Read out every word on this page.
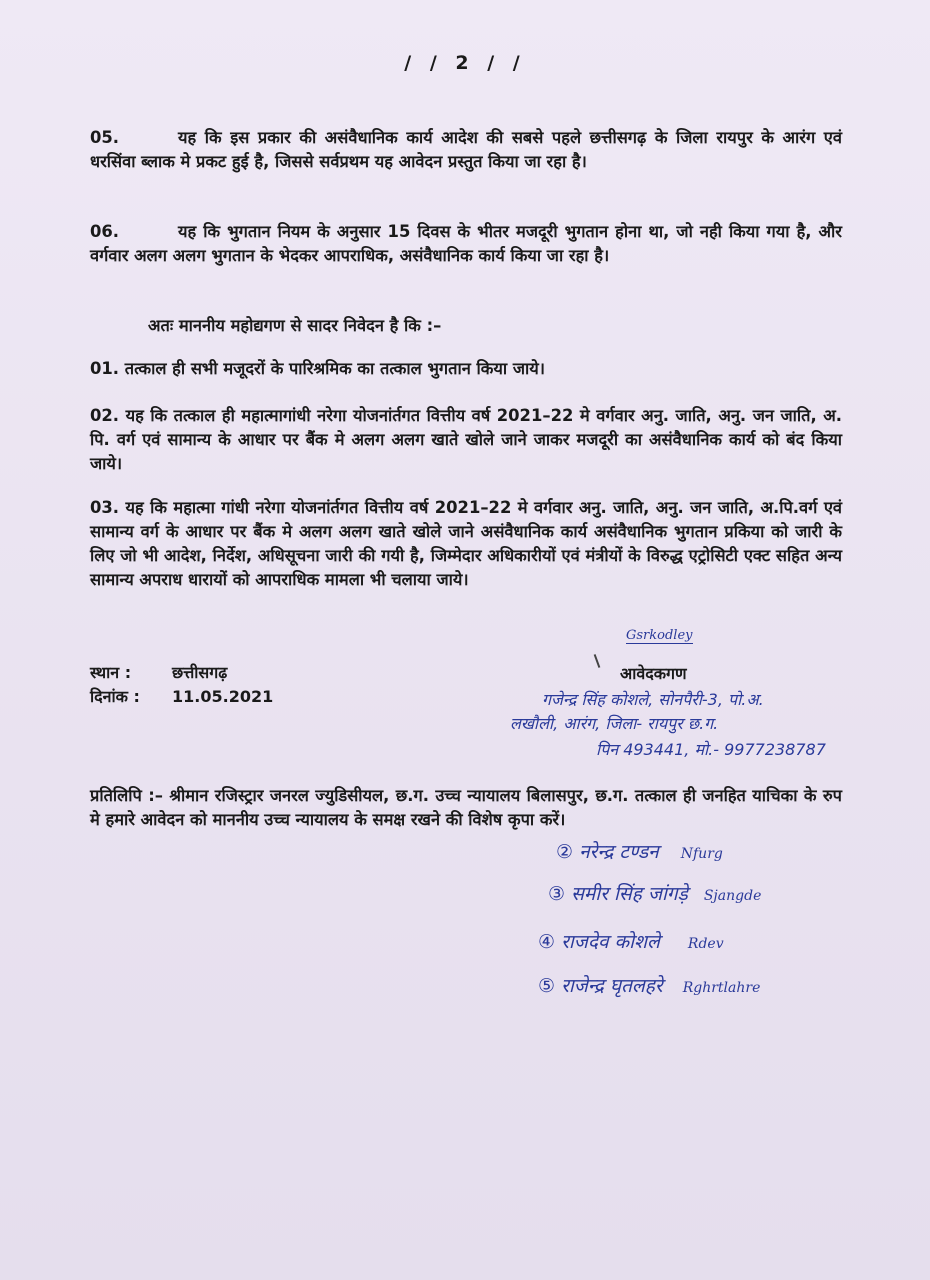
/ / 2 / /
05.	यह कि इस प्रकार की असंवैधानिक कार्य आदेश की सबसे पहले छत्तीसगढ़ के जिला रायपुर के आरंग एवं धरसिंवा ब्लाक मे प्रकट हुई है, जिससे सर्वप्रथम यह आवेदन प्रस्तुत किया जा रहा है।
06.	यह कि भुगतान नियम के अनुसार 15 दिवस के भीतर मजदूरी भुगतान होना था, जो नही किया गया है, और वर्गवार अलग अलग भुगतान के भेदकर आपराधिक, असंवैधानिक कार्य किया जा रहा है।
अतः माननीय महोद्यगण से सादर निवेदन है कि :–
01. तत्काल ही सभी मजूदरों के पारिश्रमिक का तत्काल भुगतान किया जाये।
02. यह कि तत्काल ही महात्मागांधी नरेगा योजनांर्तगत वित्तीय वर्ष 2021–22 मे वर्गवार अनु. जाति, अनु. जन जाति, अ. पि. वर्ग एवं सामान्य के आधार पर बैंक मे अलग अलग खाते खोले जाने जाकर मजदूरी का असंवैधानिक कार्य को बंद किया जाये।
03. यह कि महात्मा गांधी नरेगा योजनांर्तगत वित्तीय वर्ष 2021–22 मे वर्गवार अनु. जाति, अनु. जन जाति, अ.पि.वर्ग एवं सामान्य वर्ग के आधार पर बैंक मे अलग अलग खाते खोले जाने असंवैधानिक कार्य असंवैधानिक भुगतान प्रकिया को जारी के लिए जो भी आदेश, निर्देश, अधिसूचना जारी की गयी है, जिम्मेदार अधिकारीयों एवं मंत्रीयों के विरुद्ध एट्रोसिटी एक्ट सहित अन्य सामान्य अपराध धारायों को आपराधिक मामला भी चलाया जाये।
स्थान :	छत्तीसगढ़
दिनांक : 11.05.2021
Gsrkodley
आवेदकगण
गजेन्द्र सिंह कोशले, सोनपैरी-3, पो.अ.
लखौली, आरंग, जिला- रायपुर छ.ग.
पिन 493441, मो.- 9977238787
प्रतिलिपि :– श्रीमान रजिस्ट्रार जनरल ज्युडिसीयल, छ.ग. उच्च न्यायालय बिलासपुर, छ.ग. तत्काल ही जनहित याचिका के रुप मे हमारे आवेदन को माननीय उच्च न्यायालय के समक्ष रखने की विशेष कृपा करें।
② नरेन्द्र टण्डन Nfurg
③ समीर सिंह जांगड़े Sjangde
④ राजदेव कोशले Rdev
⑤ राजेन्द्र घृतलहरे Rghrtlahre
